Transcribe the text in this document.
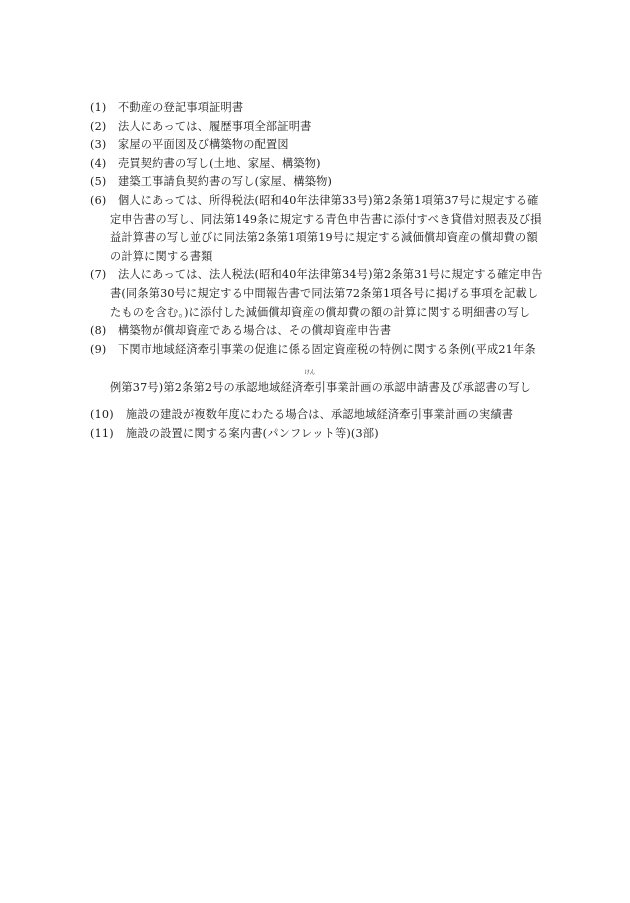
(1)	不動産の登記事項証明書
(2)	法人にあっては、履歴事項全部証明書
(3)	家屋の平面図及び構築物の配置図
(4)	売買契約書の写し(土地、家屋、構築物)
(5)	建築工事請負契約書の写し(家屋、構築物)
(6)	個人にあっては、所得税法(昭和40年法律第33号)第2条第1項第37号に規定する確
定申告書の写し、同法第149条に規定する青色申告書に添付すべき貸借対照表及び損
益計算書の写し並びに同法第2条第1項第19号に規定する減価償却資産の償却費の額
の計算に関する書類
(7)	法人にあっては、法人税法(昭和40年法律第34号)第2条第31号に規定する確定申告
書(同条第30号に規定する中間報告書で同法第72条第1項各号に掲げる事項を記載し
たものを含む。)に添付した減価償却資産の償却費の額の計算に関する明細書の写し
(8)	構築物が償却資産である場合は、その償却資産申告書
(9)	下関市地域経済牽引事業の促進に係る固定資産税の特例に関する条例(平成21年条
例第37号)第2条第2号の承認地域経済
けん
牽引事業計画の承認申請書及び承認書の写し
(10)	施設の建設が複数年度にわたる場合は、承認地域経済牽引事業計画の実績書
(11)	施設の設置に関する案内書(パンフレット等)(3部)
